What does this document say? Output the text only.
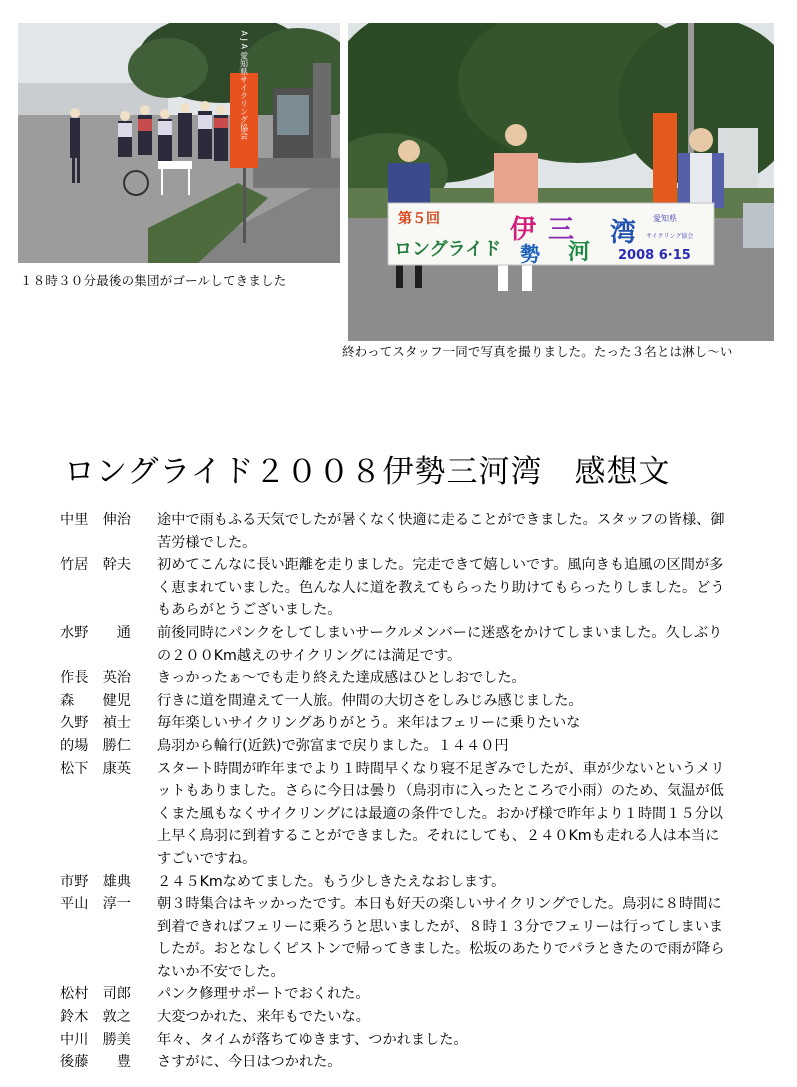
A J A 愛知県サイクリング協会
１８時３０分最後の集団がゴールしてきました
第５回
ロングライド
伊
勢
三
河
湾 愛知県
サイクリング協会
2008 6·15
終わってスタッフ一同で写真を撮りました。たった３名とは淋し〜い
ロングライド２００８伊勢三河湾　感想文
中里　伸治	途中で雨もふる天気でしたが暑くなく快適に走ることができました。スタッフの皆様、御苦労様でした。
竹居　幹夫	初めてこんなに長い距離を走りました。完走できて嬉しいです。風向きも追風の区間が多く恵まれていました。色んな人に道を教えてもらったり助けてもらったりしました。どうもあらがとうございました。
水野　　通	前後同時にパンクをしてしまいサークルメンバーに迷惑をかけてしまいました。久しぶりの２００Km越えのサイクリングには満足です。
作長　英治	きっかったぁ～でも走り終えた達成感はひとしおでした。
森　　健児	行きに道を間違えて一人旅。仲間の大切さをしみじみ感じました。
久野　禎士	毎年楽しいサイクリングありがとう。来年はフェリーに乗りたいな
的場　勝仁	鳥羽から輪行(近鉄)で弥富まで戻りました。１４４０円
松下　康英	スタート時間が昨年までより１時間早くなり寝不足ぎみでしたが、車が少ないというメリットもありました。さらに今日は曇り（鳥羽市に入ったところで小雨）のため、気温が低くまた風もなくサイクリングには最適の条件でした。おかげ様で昨年より１時間１５分以上早く鳥羽に到着することができました。それにしても、２４０Kmも走れる人は本当にすごいですね。
市野　雄典	２４５Kmなめてました。もう少しきたえなおします。
平山　淳一	朝３時集合はキッかったです。本日も好天の楽しいサイクリングでした。鳥羽に８時間に到着できればフェリーに乗ろうと思いましたが、８時１３分でフェリーは行ってしまいましたが。おとなしくピストンで帰ってきました。松坂のあたりでパラときたので雨が降らないか不安でした。
松村　司郎	パンク修理サポートでおくれた。
鈴木　敦之	大変つかれた、来年もでたいな。
中川　勝美	年々、タイムが落ちてゆきます、つかれました。
後藤　　豊	さすがに、今日はつかれた。
